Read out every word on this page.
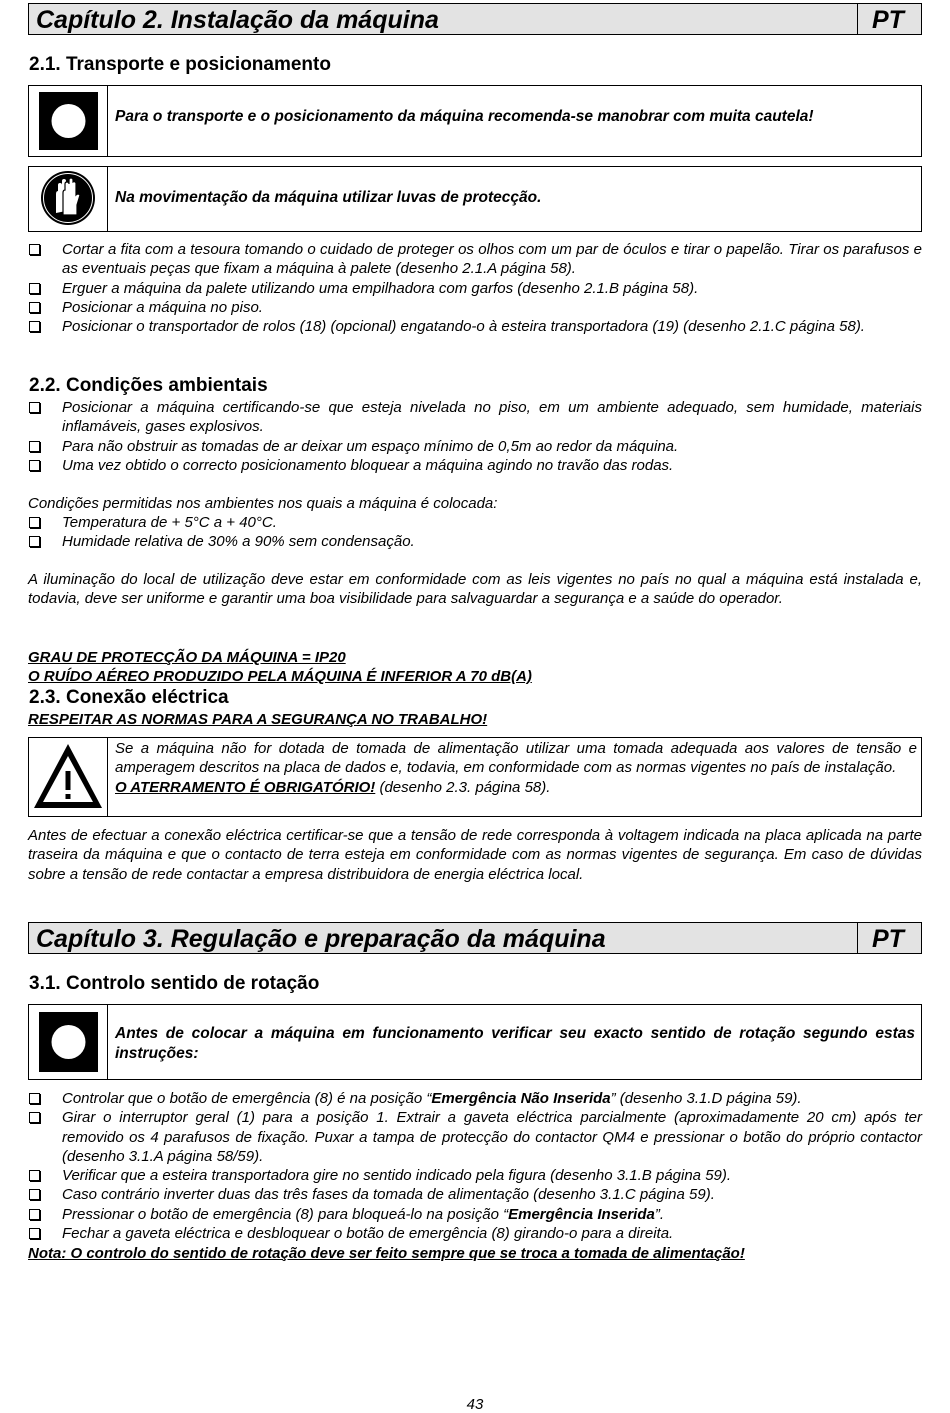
Capítulo 2. Instalação da máquina	PT
2.1. Transporte e posicionamento
Para o transporte e o posicionamento da máquina recomenda-se manobrar com muita cautela!
Na movimentação da máquina utilizar luvas de protecção.
Cortar a fita com a tesoura tomando o cuidado de proteger os olhos com um par de óculos e tirar o papelão. Tirar os parafusos e as eventuais peças que fixam a máquina à palete (desenho 2.1.A página 58).
Erguer a máquina da palete utilizando uma empilhadora com garfos (desenho 2.1.B página 58).
Posicionar a máquina no piso.
Posicionar o transportador de rolos (18) (opcional) engatando-o à esteira transportadora (19) (desenho 2.1.C página 58).
2.2. Condições ambientais
Posicionar a máquina certificando-se que esteja nivelada no piso, em um ambiente adequado, sem humidade, materiais inflamáveis, gases explosivos.
Para não obstruir as tomadas de ar deixar um espaço mínimo de 0,5m ao redor da máquina.
Uma vez obtido o correcto posicionamento bloquear a máquina agindo no travão das rodas.
Condições permitidas nos ambientes nos quais a máquina é colocada:
Temperatura de + 5°C a + 40°C.
Humidade relativa de 30% a 90% sem condensação.
A iluminação do local de utilização deve estar em conformidade com as leis vigentes no país no qual a máquina está instalada e, todavia, deve ser uniforme e garantir uma boa visibilidade para salvaguardar a segurança e a saúde do operador.
GRAU DE PROTECÇÃO DA MÁQUINA = IP20
O RUÍDO AÉREO PRODUZIDO PELA MÁQUINA É INFERIOR A 70 dB(A)
2.3. Conexão eléctrica
RESPEITAR AS NORMAS PARA A SEGURANÇA NO TRABALHO!
Se a máquina não for dotada de tomada de alimentação utilizar uma tomada adequada aos valores de tensão e amperagem descritos na placa de dados e, todavia, em conformidade com as normas vigentes no país de instalação.
O ATERRAMENTO É OBRIGATÓRIO! (desenho 2.3. página 58).
Antes de efectuar a conexão eléctrica certificar-se que a tensão de rede corresponda à voltagem indicada na placa aplicada na parte traseira da máquina e que o contacto de terra esteja em conformidade com as normas vigentes de segurança. Em caso de dúvidas sobre a tensão de rede contactar a empresa distribuidora de energia eléctrica local.
Capítulo 3. Regulação e preparação da máquina	PT
3.1. Controlo sentido de rotação
Antes de colocar a máquina em funcionamento verificar seu exacto sentido de rotação segundo estas instruções:
Controlar que o botão de emergência (8) é na posição “Emergência Não Inserida” (desenho 3.1.D página 59).
Girar o interruptor geral (1) para a posição 1. Extrair a gaveta eléctrica parcialmente (aproximadamente 20 cm) após ter removido os 4 parafusos de fixação. Puxar a tampa de protecção do contactor QM4 e pressionar o botão do próprio contactor (desenho 3.1.A página 58/59).
Verificar que a esteira transportadora gire no sentido indicado pela figura (desenho 3.1.B página 59).
Caso contrário inverter duas das três fases da tomada de alimentação (desenho 3.1.C página 59).
Pressionar o botão de emergência (8) para bloqueá-lo na posição “Emergência Inserida”.
Fechar a gaveta eléctrica e desbloquear o botão de emergência (8) girando-o para a direita.
Nota: O controlo do sentido de rotação deve ser feito sempre que se troca a tomada de alimentação!
43
